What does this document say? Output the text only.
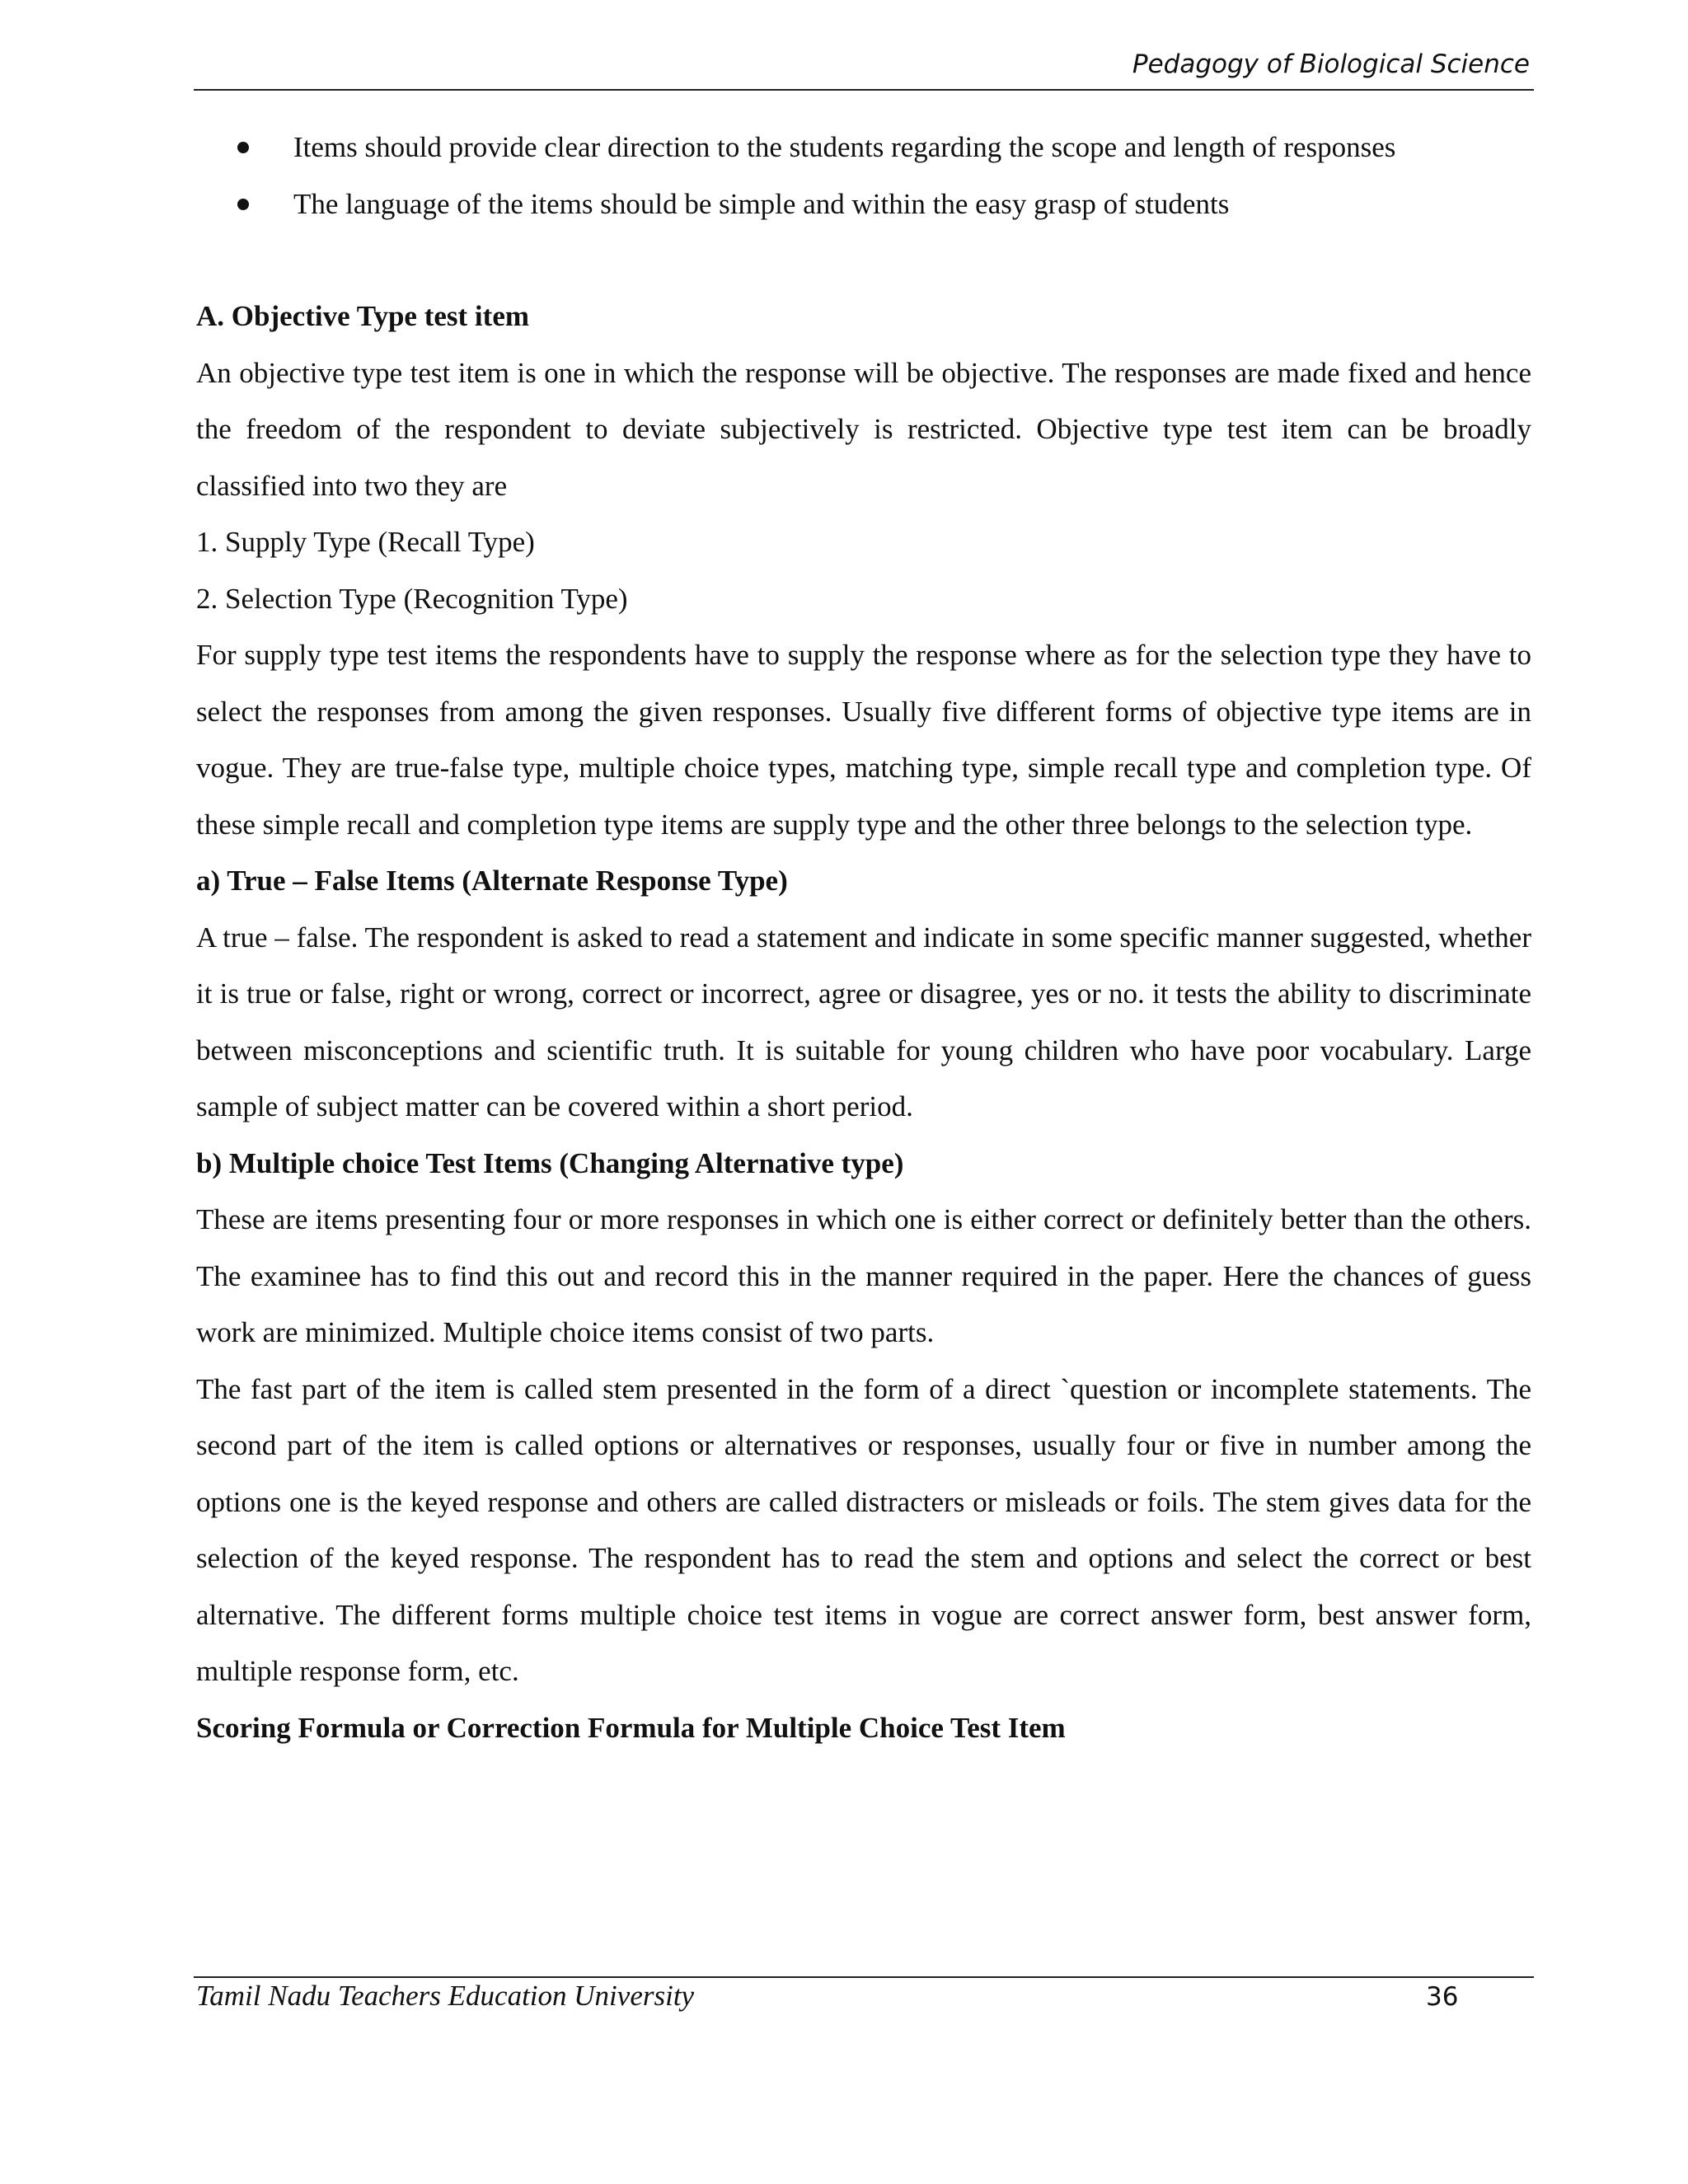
Pedagogy of Biological Science
Items should provide clear direction to the students regarding the scope and length of responses
The language of the items should be simple and within the easy grasp of students
A. Objective Type test item

An objective type test item is one in which the response will be objective. The responses are made fixed and hence the freedom of the respondent to deviate subjectively is restricted. Objective type test item can be broadly classified into two they are

1. Supply Type (Recall Type)

2. Selection Type (Recognition Type)

For supply type test items the respondents have to supply the response where as for the selection type they have to select the responses from among the given responses. Usually five different forms of objective type items are in vogue. They are true-false type, multiple choice types, matching type, simple recall type and completion type. Of these simple recall and completion type items are supply type and the other three belongs to the selection type.

a) True – False Items (Alternate Response Type)

A true – false. The respondent is asked to read a statement and indicate in some specific manner suggested, whether it is true or false, right or wrong, correct or incorrect, agree or disagree, yes or no. it tests the ability to discriminate between misconceptions and scientific truth. It is suitable for young children who have poor vocabulary. Large sample of subject matter can be covered within a short period.

b) Multiple choice Test Items (Changing Alternative type)

These are items presenting four or more responses in which one is either correct or definitely better than the others. The examinee has to find this out and record this in the manner required in the paper. Here the chances of guess work are minimized. Multiple choice items consist of two parts.

The fast part of the item is called stem presented in the form of a direct `question or incomplete statements. The second part of the item is called options or alternatives or responses, usually four or five in number among the options one is the keyed response and others are called distracters or misleads or foils. The stem gives data for the selection of the keyed response. The respondent has to read the stem and options and select the correct or best alternative. The different forms multiple choice test items in vogue are correct answer form, best answer form, multiple response form, etc.

Scoring Formula or Correction Formula for Multiple Choice Test Item
Tamil Nadu Teachers Education University	36
